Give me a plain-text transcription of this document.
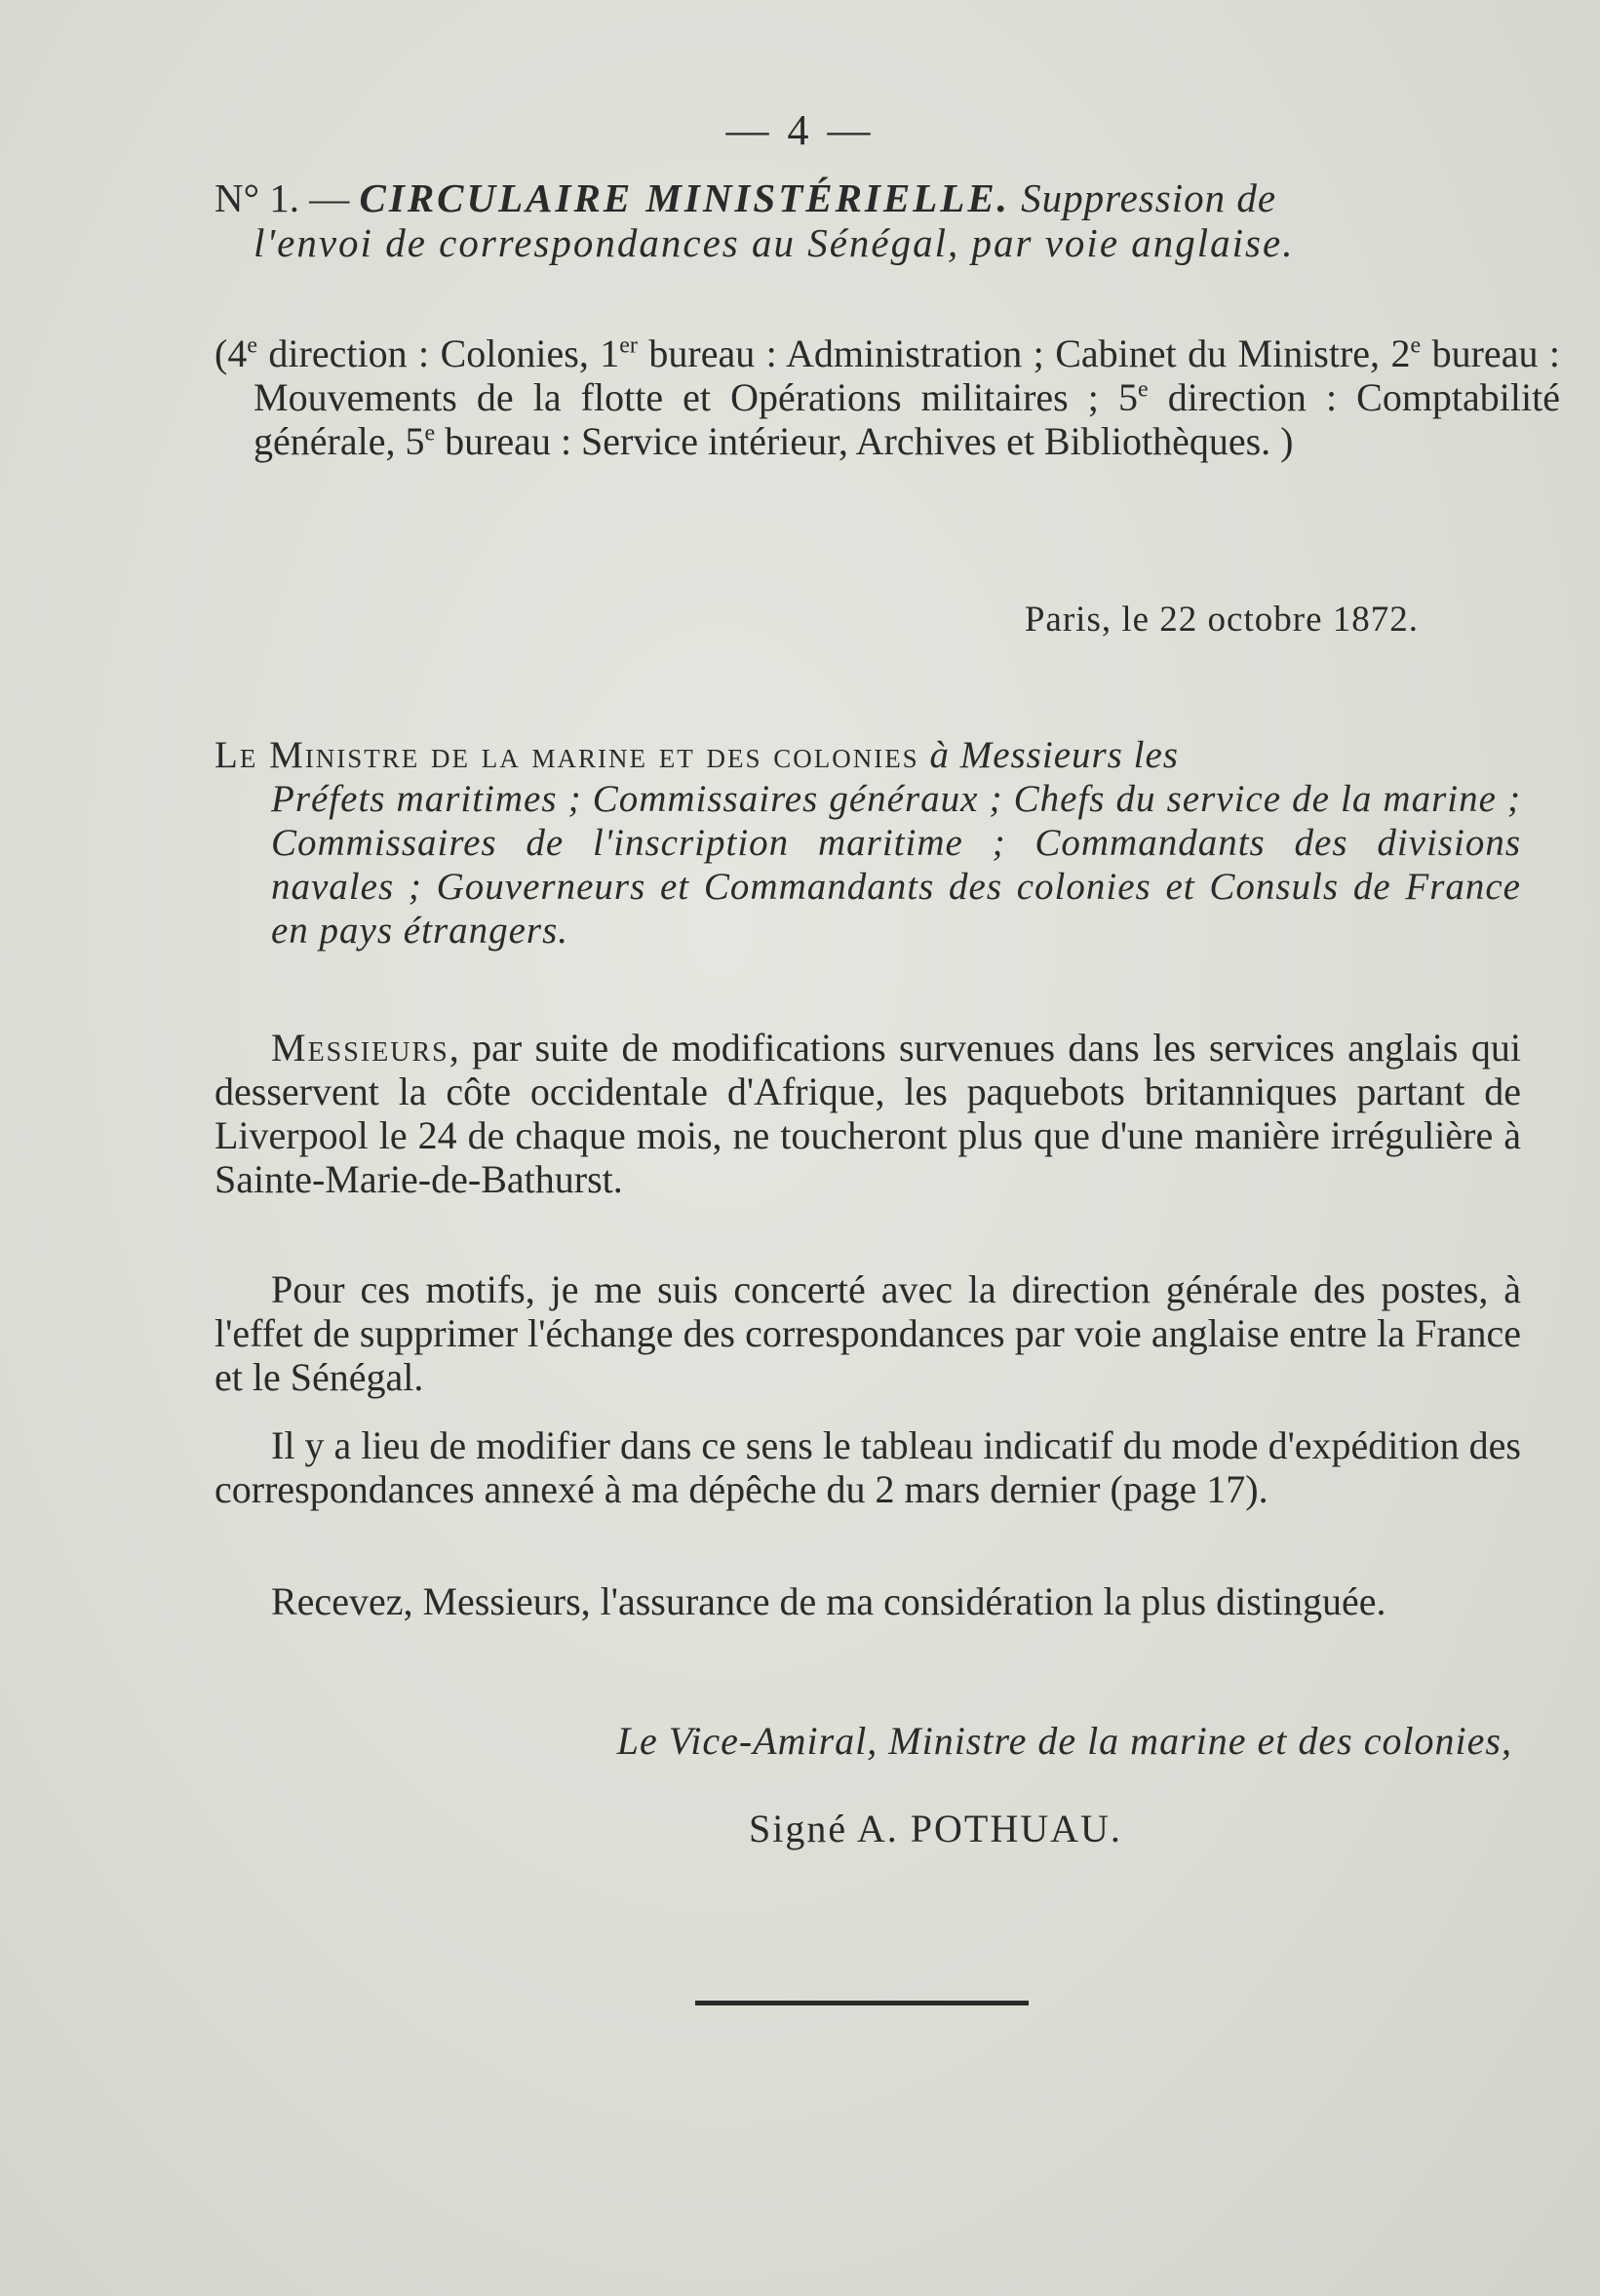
— 4 —
N° 1. — CIRCULAIRE MINISTÉRIELLE. Suppression de
l'envoi de correspondances au Sénégal, par voie anglaise.
(4e direction : Colonies, 1er bureau : Administration ; Cabinet du Ministre, 2e bureau : Mouvements de la flotte et Opérations militaires ; 5e direction : Comptabilité générale, 5e bureau : Service intérieur, Archives et Bibliothèques. )
Paris, le 22 octobre 1872.
Le Ministre de la marine et des colonies à Messieurs les
Préfets maritimes ; Commissaires généraux ; Chefs du service de la marine ; Commissaires de l'inscription maritime ; Commandants des divisions navales ; Gouverneurs et Commandants des colonies et Consuls de France en pays étrangers.

Messieurs, par suite de modifications survenues dans les services anglais qui desservent la côte occidentale d'Afrique, les paquebots britanniques partant de Liverpool le 24 de chaque mois, ne toucheront plus que d'une manière irrégulière à Sainte-Marie-de-Bathurst.

Pour ces motifs, je me suis concerté avec la direction générale des postes, à l'effet de supprimer l'échange des correspondances par voie anglaise entre la France et le Sénégal.

Il y a lieu de modifier dans ce sens le tableau indicatif du mode d'expédition des correspondances annexé à ma dépêche du 2 mars dernier (page 17).

Recevez, Messieurs, l'assurance de ma considération la plus distinguée.

Le Vice-Amiral, Ministre de la marine et des colonies,
Signé A. POTHUAU.
